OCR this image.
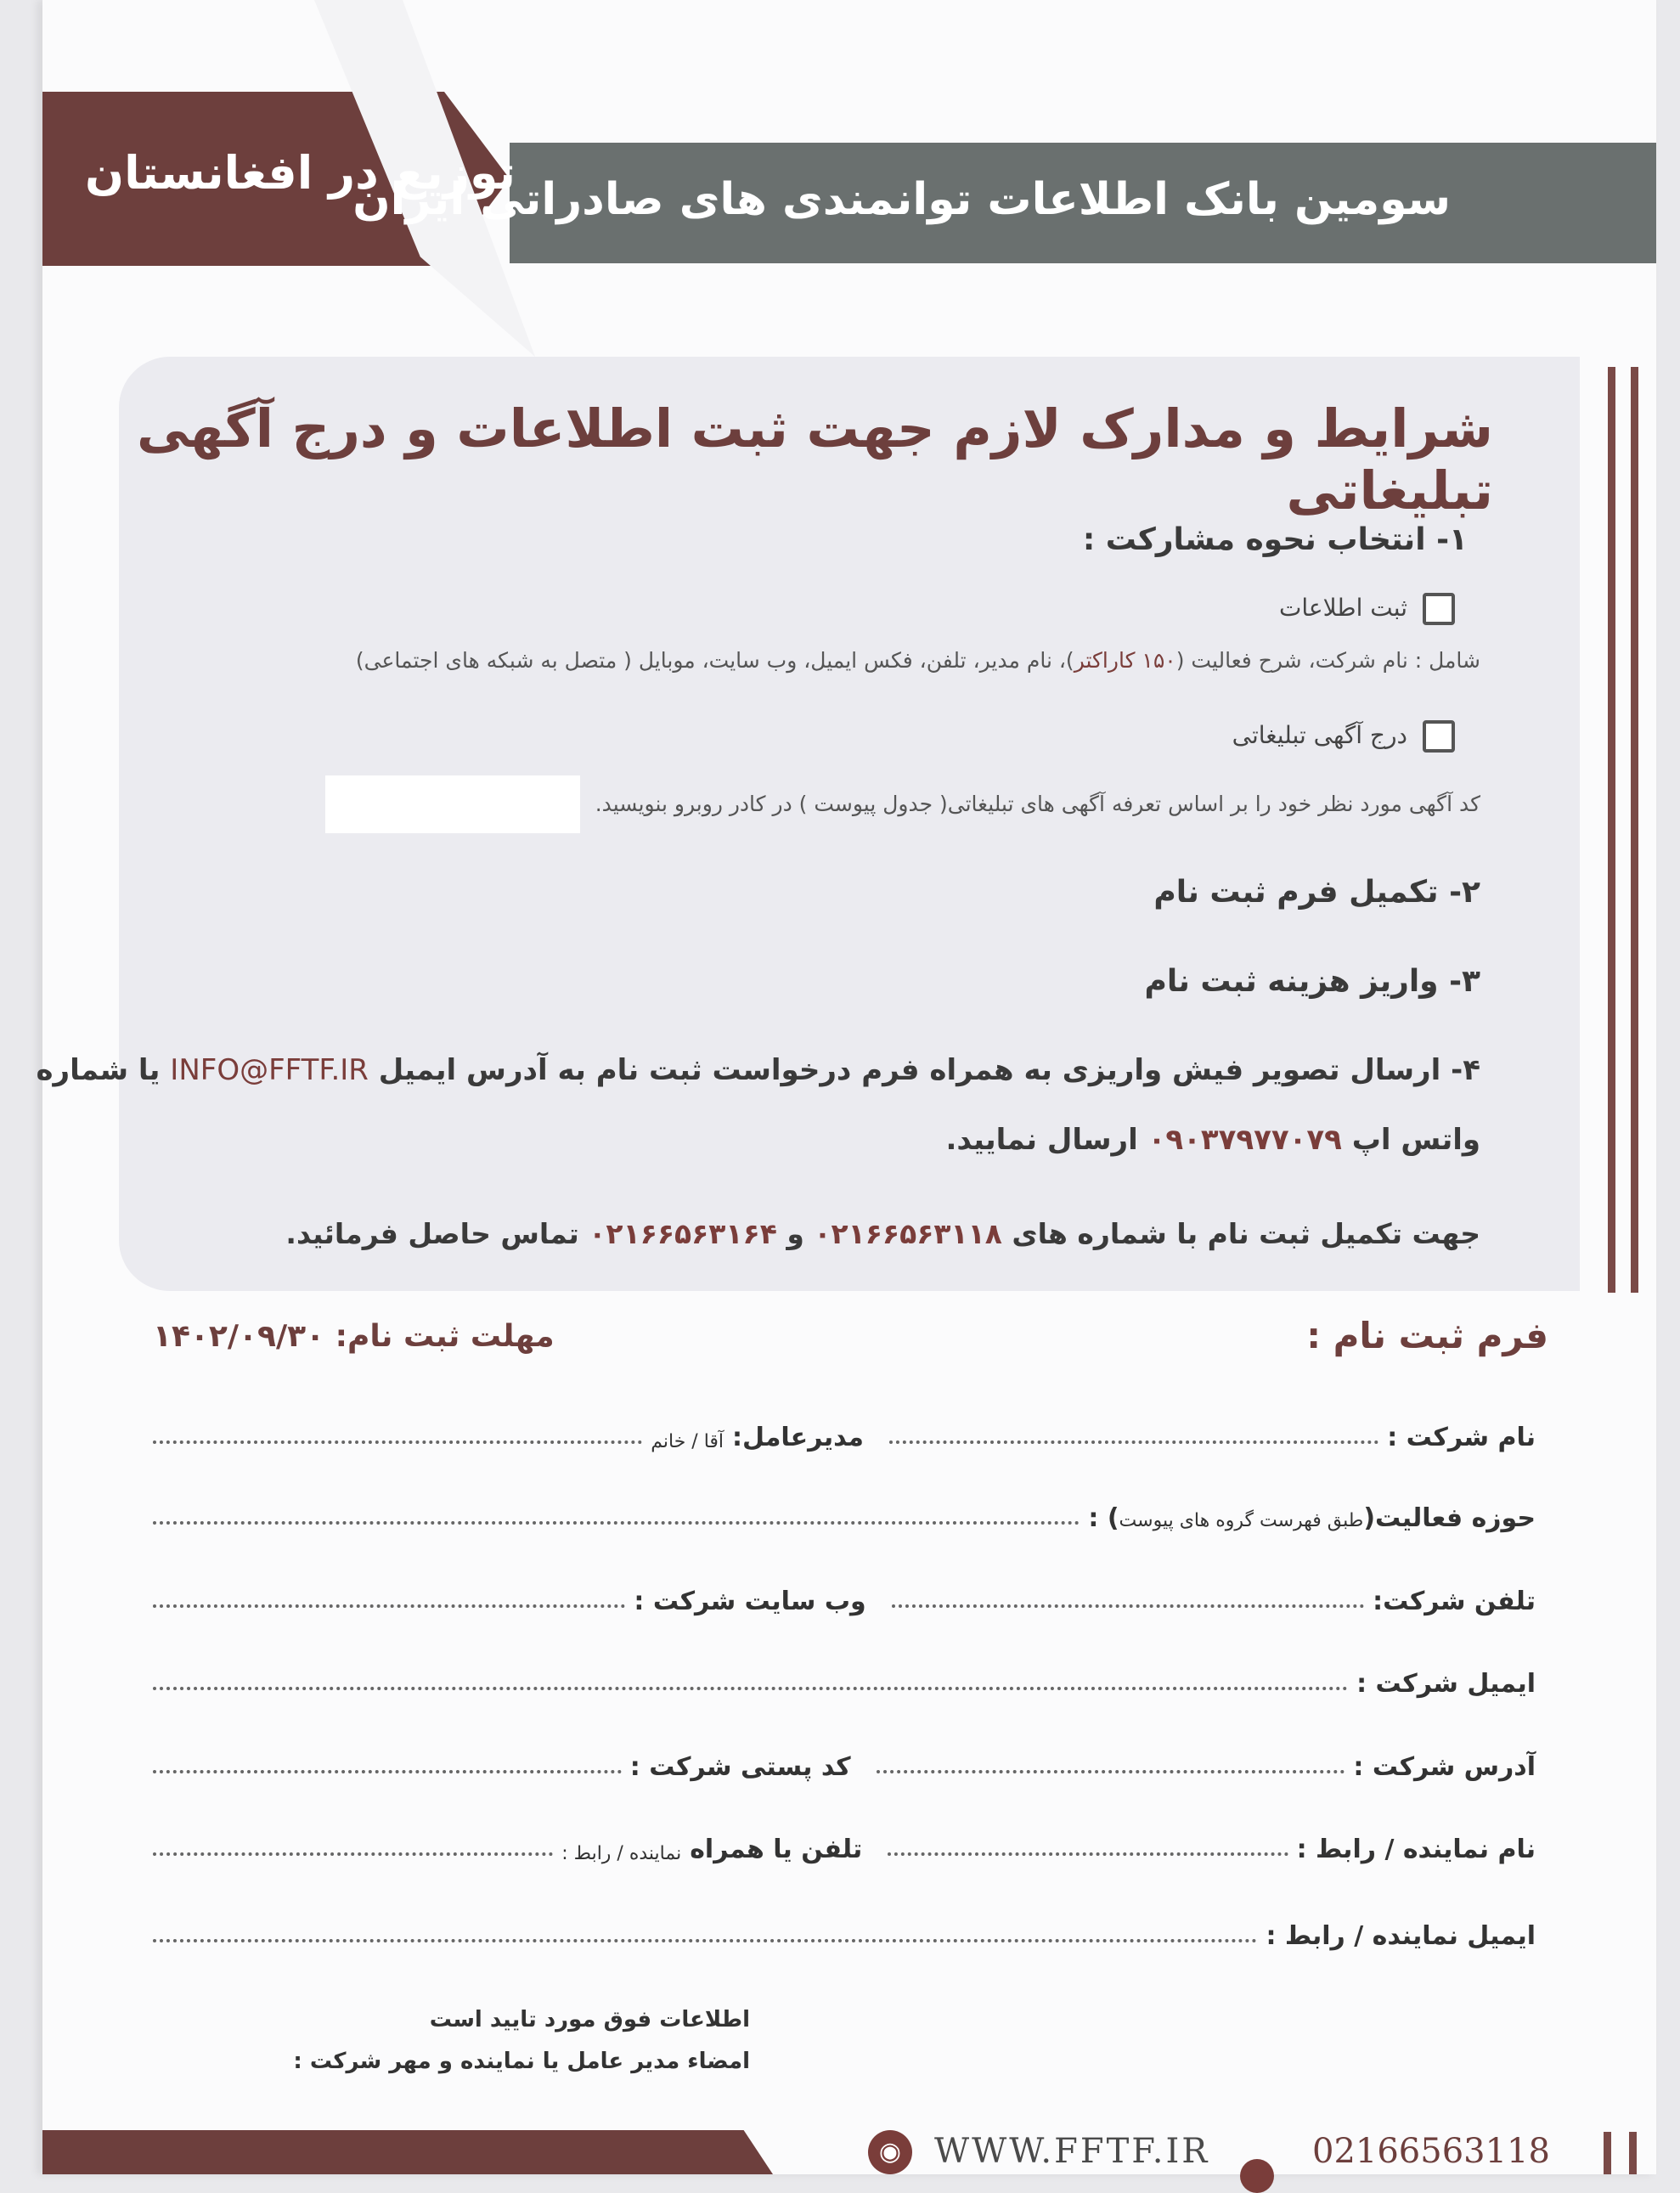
سومین بانک اطلاعات توانمندی های صادراتی ایران
توزیع در افغانستان
شرایط و مدارک لازم جهت ثبت اطلاعات و درج آگهی تبلیغاتی
۱- انتخاب نحوه مشارکت :
ثبت اطلاعات
شامل : نام شرکت، شرح فعالیت (۱۵۰ کاراکتر)، نام مدیر، تلفن، فکس ایمیل، وب سایت، موبایل ( متصل به شبکه های اجتماعی)
درج آگهی تبلیغاتی
کد آگهی مورد نظر خود را بر اساس تعرفه آگهی های تبلیغاتی( جدول پیوست ) در کادر روبرو بنویسید.
۲- تکمیل فرم ثبت نام
۳- واریز هزینه ثبت نام
۴- ارسال تصویر فیش واریزی به همراه فرم درخواست ثبت نام به آدرس ایمیل INFO@FFTF.IR یا شماره
واتس اپ ۰۹۰۳۷۹۷۷۰۷۹ ارسال نمایید.
جهت تکمیل ثبت نام با شماره های ۰۲۱۶۶۵۶۳۱۱۸ و ۰۲۱۶۶۵۶۳۱۶۴ تماس حاصل فرمائید.
فرم ثبت نام :
مهلت ثبت نام: ۱۴۰۲/۰۹/۳۰
نام شرکت :
مدیرعامل:
آقا / خانم
حوزه فعالیت(طبق فهرست گروه های پیوست) :
تلفن شرکت:
وب سایت شرکت :
ایمیل شرکت :
آدرس شرکت :
کد پستی شرکت :
نام نماینده / رابط :
تلفن یا همراه
نماینده / رابط :
ایمیل نماینده / رابط :
اطلاعات فوق مورد تایید است
امضاء مدیر عامل یا نماینده و مهر شرکت :
◉ WWW.FFTF.IR	02166563118
